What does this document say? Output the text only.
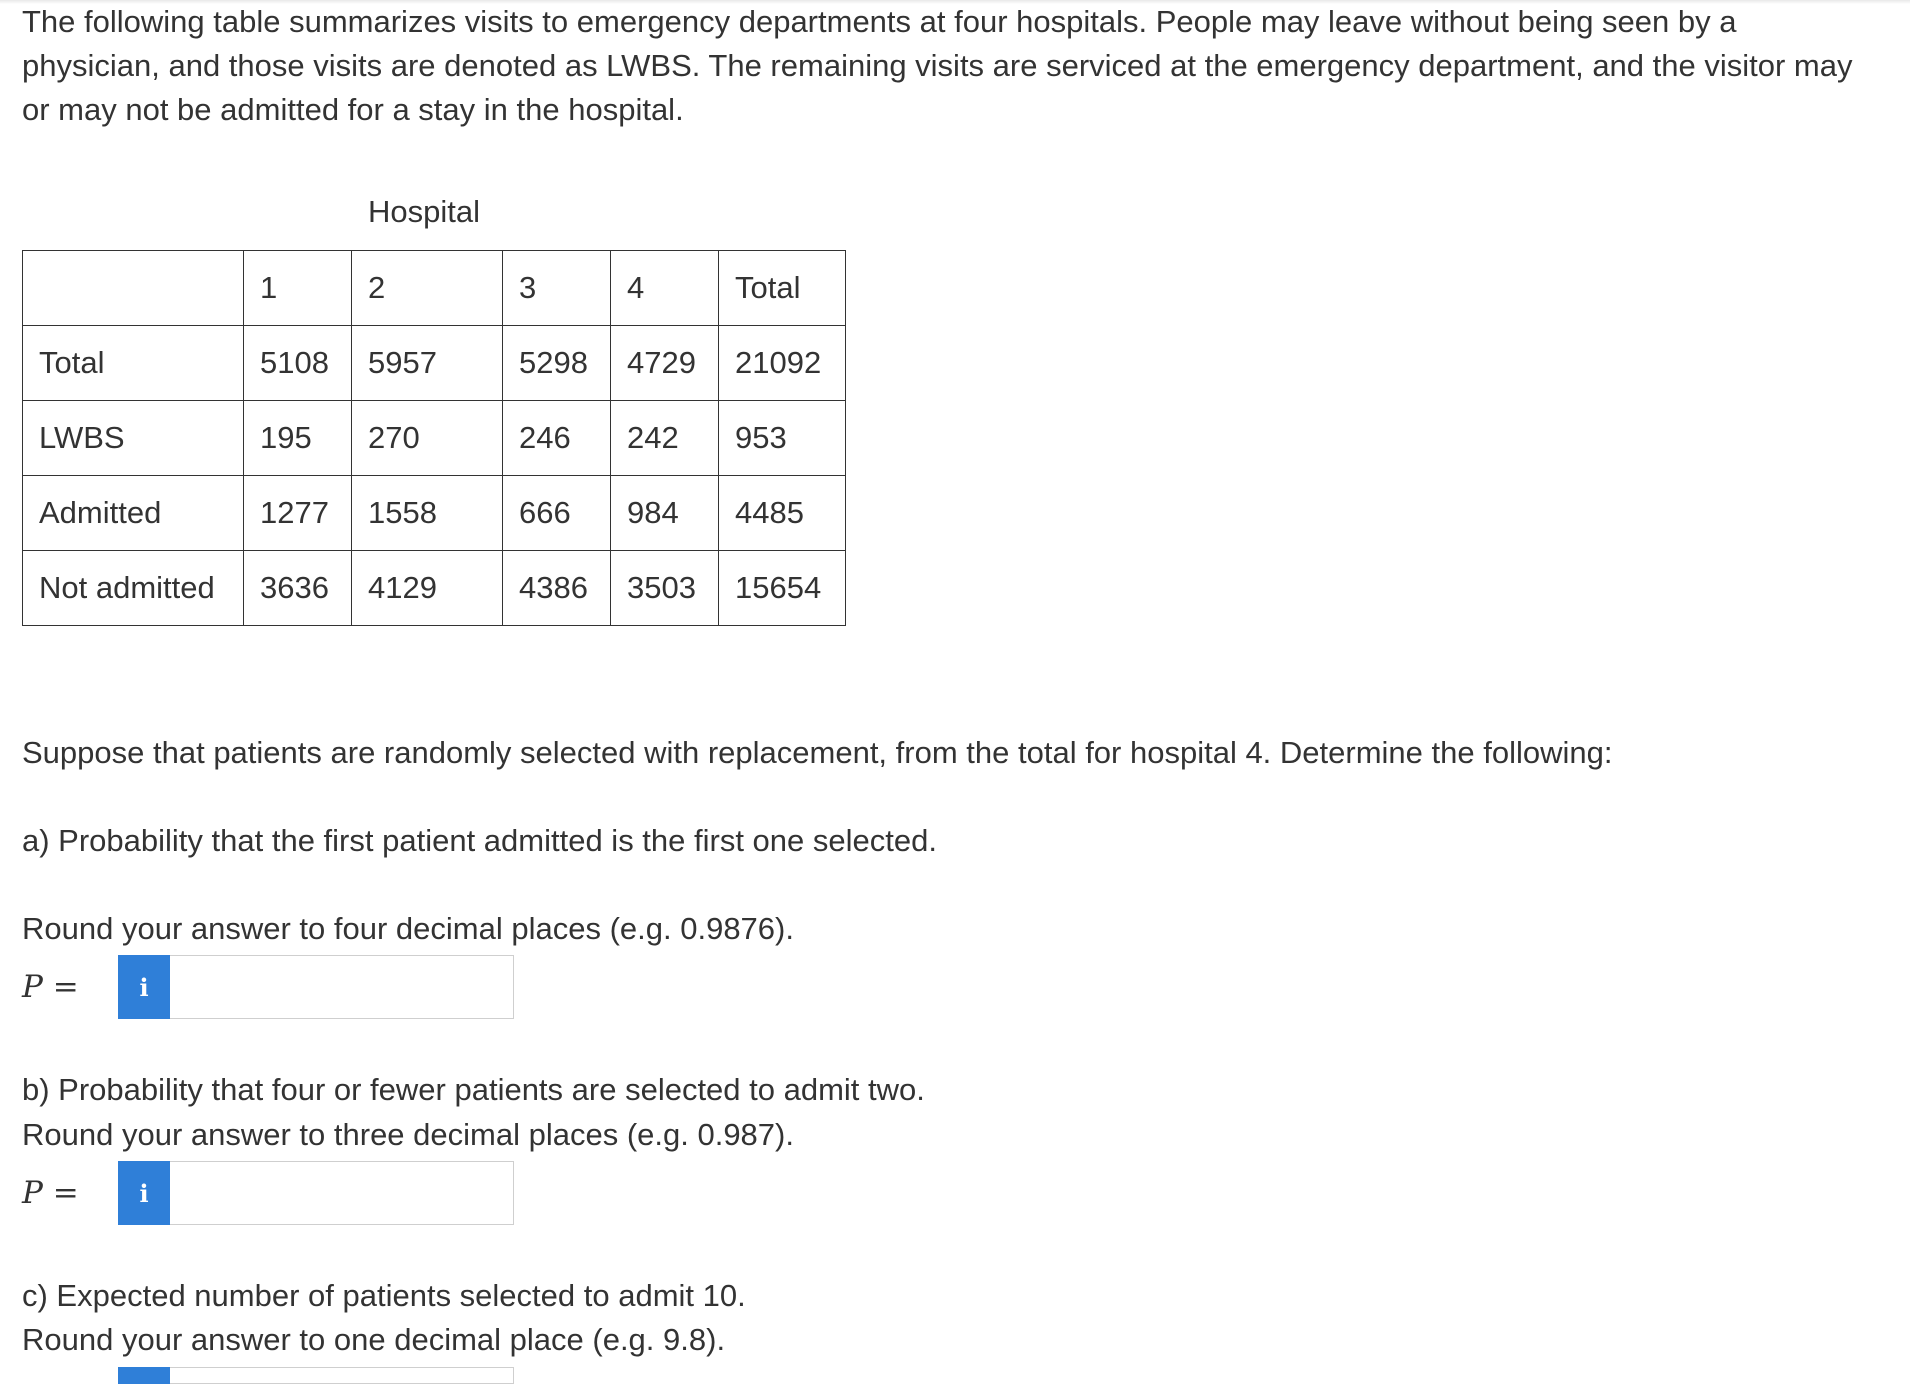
The following table summarizes visits to emergency departments at four hospitals. People may leave without being seen by a physician, and those visits are denoted as LWBS. The remaining visits are serviced at the emergency department, and the visitor may or may not be admitted for a stay in the hospital.

Hospital
	1	2	3	4	Total
Total	5108	5957	5298	4729	21092
LWBS	195	270	246	242	953
Admitted	1277	1558	666	984	4485
Not admitted	3636	4129	4386	3503	15654

Suppose that patients are randomly selected with replacement, from the total for hospital 4. Determine the following:

a) Probability that the first patient admitted is the first one selected.

Round your answer to four decimal places (e.g. 0.9876).

P =	i

b) Probability that four or fewer patients are selected to admit two.

Round your answer to three decimal places (e.g. 0.987).

P =	i

c) Expected number of patients selected to admit 10.

Round your answer to one decimal place (e.g. 9.8).
